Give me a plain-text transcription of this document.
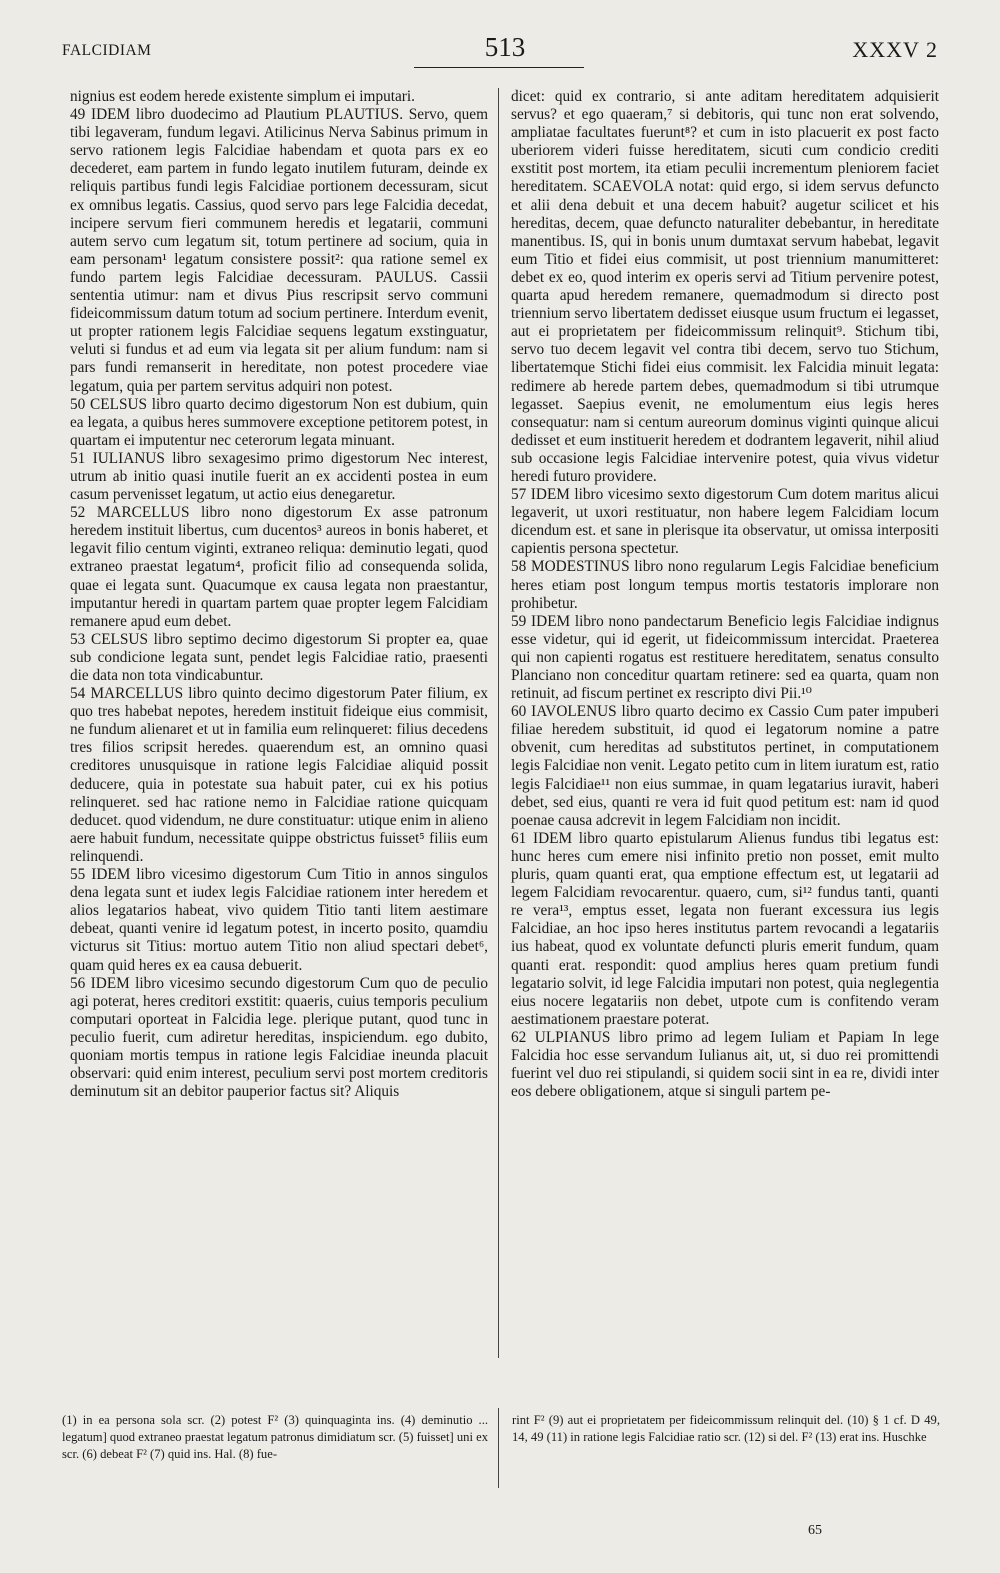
FALCIDIAM	513	XXXV 2

nignius est eodem herede existente simplum ei imputari.

49 IDEM libro duodecimo ad Plautium PLAUTIUS. Servo, quem tibi legaveram, fundum legavi. Atilicinus Nerva Sabinus primum in servo rationem legis Falcidiae habendam et quota pars ex eo decederet, eam partem in fundo legato inutilem futuram, deinde ex reliquis partibus fundi legis Falcidiae portionem decessuram, sicut ex omnibus legatis. Cassius, quod servo pars lege Falcidia decedat, incipere servum fieri communem heredis et legatarii, communi autem servo cum legatum sit, totum pertinere ad socium, quia in eam personam¹ legatum consistere possit²: qua ratione semel ex fundo partem legis Falcidiae decessuram. PAULUS. Cassii sententia utimur: nam et divus Pius rescripsit servo communi fideicommissum datum totum ad socium pertinere. Interdum evenit, ut propter rationem legis Falcidiae sequens legatum exstinguatur, veluti si fundus et ad eum via legata sit per alium fundum: nam si pars fundi remanserit in hereditate, non potest procedere viae legatum, quia per partem servitus adquiri non potest.

50 CELSUS libro quarto decimo digestorum Non est dubium, quin ea legata, a quibus heres summovere exceptione petitorem potest, in quartam ei imputentur nec ceterorum legata minuant.

51 IULIANUS libro sexagesimo primo digestorum Nec interest, utrum ab initio quasi inutile fuerit an ex accidenti postea in eum casum pervenisset legatum, ut actio eius denegaretur.

52 MARCELLUS libro nono digestorum Ex asse patronum heredem instituit libertus, cum ducentos³ aureos in bonis haberet, et legavit filio centum viginti, extraneo reliqua: deminutio legati, quod extraneo praestat legatum⁴, proficit filio ad consequenda solida, quae ei legata sunt. Quacumque ex causa legata non praestantur, imputantur heredi in quartam partem quae propter legem Falcidiam remanere apud eum debet.

53 CELSUS libro septimo decimo digestorum Si propter ea, quae sub condicione legata sunt, pendet legis Falcidiae ratio, praesenti die data non tota vindicabuntur.

54 MARCELLUS libro quinto decimo digestorum Pater filium, ex quo tres habebat nepotes, heredem instituit fideique eius commisit, ne fundum alienaret et ut in familia eum relinqueret: filius decedens tres filios scripsit heredes. quaerendum est, an omnino quasi creditores unusquisque in ratione legis Falcidiae aliquid possit deducere, quia in potestate sua habuit pater, cui ex his potius relinqueret. sed hac ratione nemo in Falcidiae ratione quicquam deducet. quod videndum, ne dure constituatur: utique enim in alieno aere habuit fundum, necessitate quippe obstrictus fuisset⁵ filiis eum relinquendi.

55 IDEM libro vicesimo digestorum Cum Titio in annos singulos dena legata sunt et iudex legis Falcidiae rationem inter heredem et alios legatarios habeat, vivo quidem Titio tanti litem aestimare debeat, quanti venire id legatum potest, in incerto posito, quamdiu victurus sit Titius: mortuo autem Titio non aliud spectari debet⁶, quam quid heres ex ea causa debuerit.

56 IDEM libro vicesimo secundo digestorum Cum quo de peculio agi poterat, heres creditori exstitit: quaeris, cuius temporis peculium computari oporteat in Falcidia lege. plerique putant, quod tunc in peculio fuerit, cum adiretur hereditas, inspiciendum. ego dubito, quoniam mortis tempus in ratione legis Falcidiae ineunda placuit observari: quid enim interest, peculium servi post mortem creditoris deminutum sit an debitor pauperior factus sit? Aliquis

dicet: quid ex contrario, si ante aditam hereditatem adquisierit servus? et ego quaeram,⁷ si debitoris, qui tunc non erat solvendo, ampliatae facultates fuerunt⁸? et cum in isto placuerit ex post facto uberiorem videri fuisse hereditatem, sicuti cum condicio crediti exstitit post mortem, ita etiam peculii incrementum pleniorem faciet hereditatem. SCAEVOLA notat: quid ergo, si idem servus defuncto et alii dena debuit et una decem habuit? augetur scilicet et his hereditas, decem, quae defuncto naturaliter debebantur, in hereditate manentibus. IS, qui in bonis unum dumtaxat servum habebat, legavit eum Titio et fidei eius commisit, ut post triennium manumitteret: debet ex eo, quod interim ex operis servi ad Titium pervenire potest, quarta apud heredem remanere, quemadmodum si directo post triennium servo libertatem dedisset eiusque usum fructum ei legasset, aut ei proprietatem per fideicommissum relinquit⁹. Stichum tibi, servo tuo decem legavit vel contra tibi decem, servo tuo Stichum, libertatemque Stichi fidei eius commisit. lex Falcidia minuit legata: redimere ab herede partem debes, quemadmodum si tibi utrumque legasset. Saepius evenit, ne emolumentum eius legis heres consequatur: nam si centum aureorum dominus viginti quinque alicui dedisset et eum instituerit heredem et dodrantem legaverit, nihil aliud sub occasione legis Falcidiae intervenire potest, quia vivus videtur heredi futuro providere.

57 IDEM libro vicesimo sexto digestorum Cum dotem maritus alicui legaverit, ut uxori restituatur, non habere legem Falcidiam locum dicendum est. et sane in plerisque ita observatur, ut omissa interpositi capientis persona spectetur.

58 MODESTINUS libro nono regularum Legis Falcidiae beneficium heres etiam post longum tempus mortis testatoris implorare non prohibetur.

59 IDEM libro nono pandectarum Beneficio legis Falcidiae indignus esse videtur, qui id egerit, ut fideicommissum intercidat. Praeterea qui non capienti rogatus est restituere hereditatem, senatus consulto Planciano non conceditur quartam retinere: sed ea quarta, quam non retinuit, ad fiscum pertinet ex rescripto divi Pii.¹⁰

60 IAVOLENUS libro quarto decimo ex Cassio Cum pater impuberi filiae heredem substituit, id quod ei legatorum nomine a patre obvenit, cum hereditas ad substitutos pertinet, in computationem legis Falcidiae non venit. Legato petito cum in litem iuratum est, ratio legis Falcidiae¹¹ non eius summae, in quam legatarius iuravit, haberi debet, sed eius, quanti re vera id fuit quod petitum est: nam id quod poenae causa adcrevit in legem Falcidiam non incidit.

61 IDEM libro quarto epistularum Alienus fundus tibi legatus est: hunc heres cum emere nisi infinito pretio non posset, emit multo pluris, quam quanti erat, qua emptione effectum est, ut legatarii ad legem Falcidiam revocarentur. quaero, cum, si¹² fundus tanti, quanti re vera¹³, emptus esset, legata non fuerant excessura ius legis Falcidiae, an hoc ipso heres institutus partem revocandi a legatariis ius habeat, quod ex voluntate defuncti pluris emerit fundum, quam quanti erat. respondit: quod amplius heres quam pretium fundi legatario solvit, id lege Falcidia imputari non potest, quia neglegentia eius nocere legatariis non debet, utpote cum is confitendo veram aestimationem praestare poterat.

62 ULPIANUS libro primo ad legem Iuliam et Papiam In lege Falcidia hoc esse servandum Iulianus ait, ut, si duo rei promittendi fuerint vel duo rei stipulandi, si quidem socii sint in ea re, dividi inter eos debere obligationem, atque si singuli partem pe-

(1) in ea persona sola scr. (2) potest F² (3) quinquaginta ins. (4) deminutio ... legatum] quod extraneo praestat legatum patronus dimidiatum scr. (5) fuisset] uni ex scr. (6) debeat F² (7) quid ins. Hal. (8) fue-
rint F² (9) aut ei proprietatem per fideicommissum relinquit del. (10) § 1 cf. D 49, 14, 49 (11) in ratione legis Falcidiae ratio scr. (12) si del. F² (13) erat ins. Huschke
65
